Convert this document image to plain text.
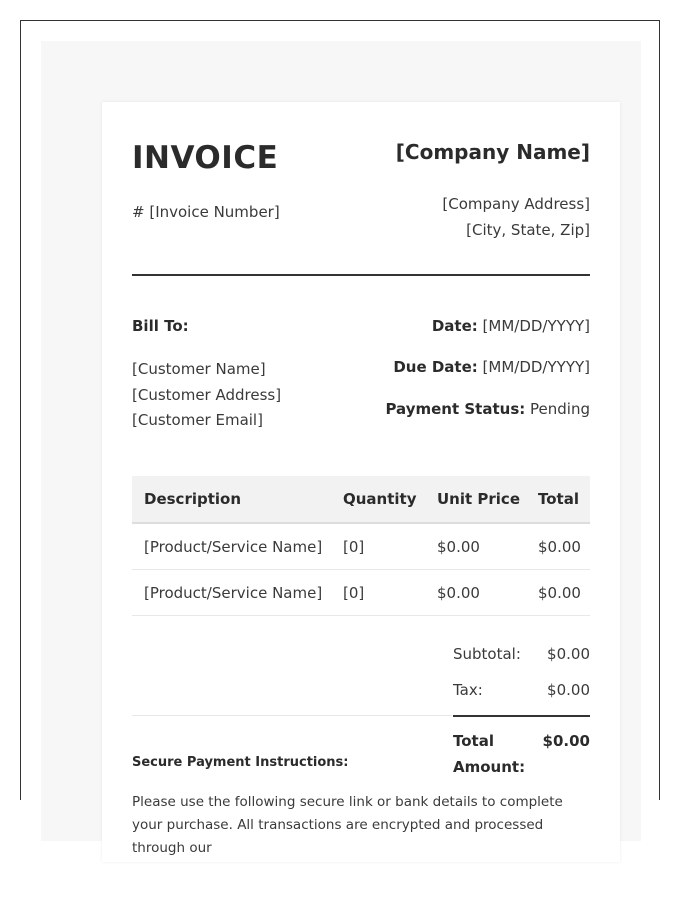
INVOICE
# [Invoice Number]
[Company Name]
[Company Address]
[City, State, Zip]
Bill To:
[Customer Name]
[Customer Address]
[Customer Email]
Date: [MM/DD/YYYY]
Due Date: [MM/DD/YYYY]
Payment Status: Pending
Description	Quantity	Unit Price	Total
[Product/Service Name]	[0]	$0.00	$0.00
[Product/Service Name]	[0]	$0.00	$0.00
Subtotal: $0.00
Tax:	$0.00
Total Amount:
$0.00
Secure Payment Instructions:
Please use the following secure link or bank details to complete your purchase. All transactions are encrypted and processed through our
